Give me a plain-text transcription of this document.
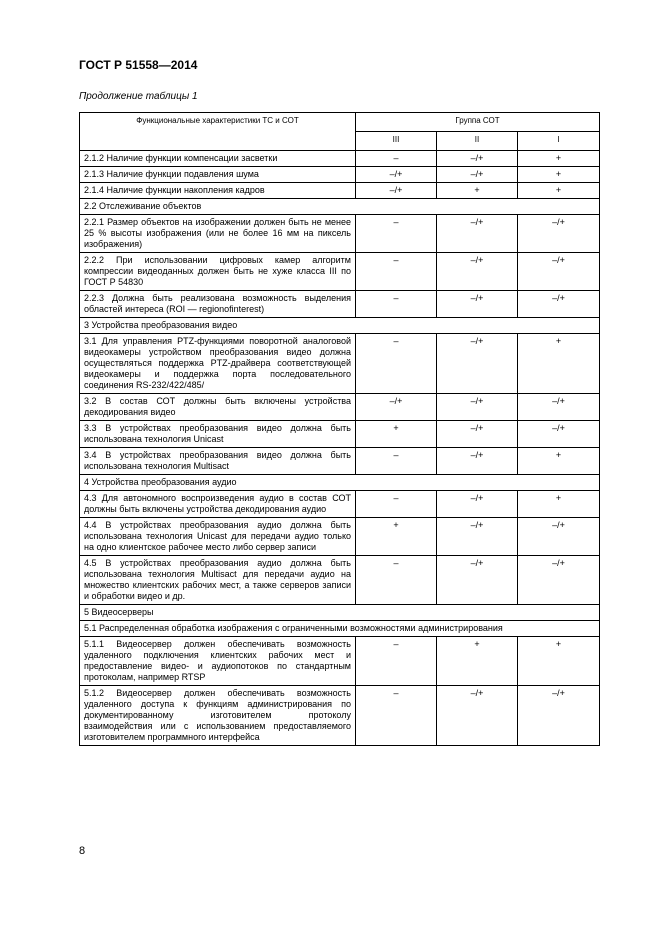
ГОСТ Р 51558—2014
Продолжение таблицы 1
Функциональные характеристики ТС и СОТ	Группа СОТ		
	III	II	I
2.1.2 Наличие функции компенсации засветки	–	–/+	+
2.1.3 Наличие функции подавления шума	–/+	–/+	+
2.1.4 Наличие функции накопления кадров	–/+	+	+
2.2 Отслеживание объектов			
2.2.1 Размер объектов на изображении должен быть не менее 25 % высоты изображения (или не более 16 мм на пиксель изображения)	–	–/+	–/+
2.2.2 При использовании цифровых камер алгоритм компрессии видеоданных должен быть не хуже класса III по ГОСТ Р 54830	–	–/+	–/+
2.2.3 Должна быть реализована возможность выделения областей интереса (ROI — regionofinterest)	–	–/+	–/+
3 Устройства преобразования видео			
3.1 Для управления PTZ-функциями поворотной аналоговой видеокамеры устройством преобразования видео должна осуществляться поддержка PTZ-драйвера соответствующей видеокамеры и поддержка порта последовательного соединения RS-232/422/485/	–	–/+	+
3.2 В состав СОТ должны быть включены устройства декодирования видео	–/+	–/+	–/+
3.3 В устройствах преобразования видео должна быть использована технология Unicast	+	–/+	–/+
3.4 В устройствах преобразования видео должна быть использована технология Multisact	–	–/+	+
4 Устройства преобразования аудио			
4.3 Для автономного воспроизведения аудио в состав СОТ должны быть включены устройства декодирования аудио	–	–/+	+
4.4 В устройствах преобразования аудио должна быть использована технология Unicast для передачи аудио только на одно клиентское рабочее место либо сервер записи	+	–/+	–/+
4.5 В устройствах преобразования аудио должна быть использована технология Multisact для передачи аудио на множество клиентских рабочих мест, а также серверов записи и обработки видео и др.	–	–/+	–/+
5 Видеосерверы			
5.1 Распределенная обработка изображения с ограниченными возможностями администрирования			
5.1.1 Видеосервер должен обеспечивать возможность удаленного подключения клиентских рабочих мест и предоставление видео- и аудиопотоков по стандартным протоколам, например RTSP	–	+	+
5.1.2 Видеосервер должен обеспечивать возможность удаленного доступа к функциям администрирования по документированному изготовителем протоколу взаимодействия или с использованием предоставляемого изготовителем программного интерфейса	–	–/+	–/+
8
